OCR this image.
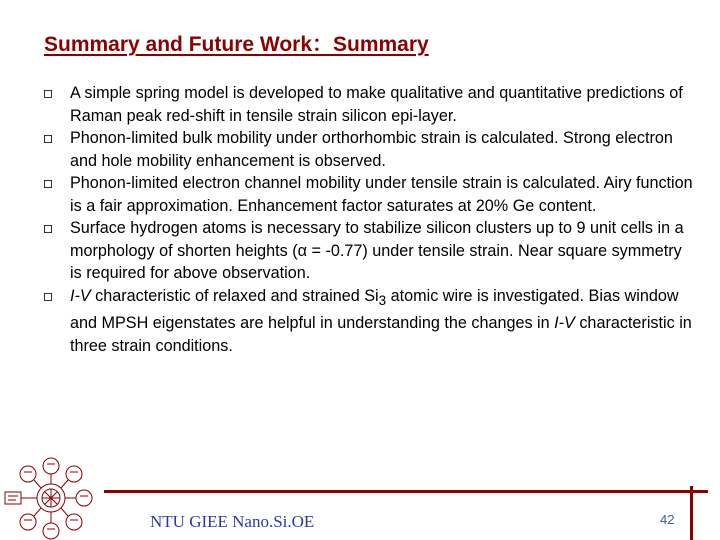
Summary and Future Work：Summary
A simple spring model is developed to make qualitative and quantitative predictions of Raman peak red-shift in tensile strain silicon epi-layer.
Phonon-limited bulk mobility under orthorhombic strain is calculated. Strong electron and hole mobility enhancement is observed.
Phonon-limited electron channel mobility under tensile strain is calculated. Airy function is a fair approximation. Enhancement factor saturates at 20% Ge content.
Surface hydrogen atoms is necessary to stabilize silicon clusters up to 9 unit cells in a morphology of shorten heights (α = -0.77) under tensile strain. Near square symmetry is required for above observation.
I-V characteristic of relaxed and strained $Si_3$ atomic wire is investigated. Bias window and MPSH eigenstates are helpful in understanding the changes in I-V characteristic in three strain conditions.
NTU GIEE Nano.Si.OE	42
